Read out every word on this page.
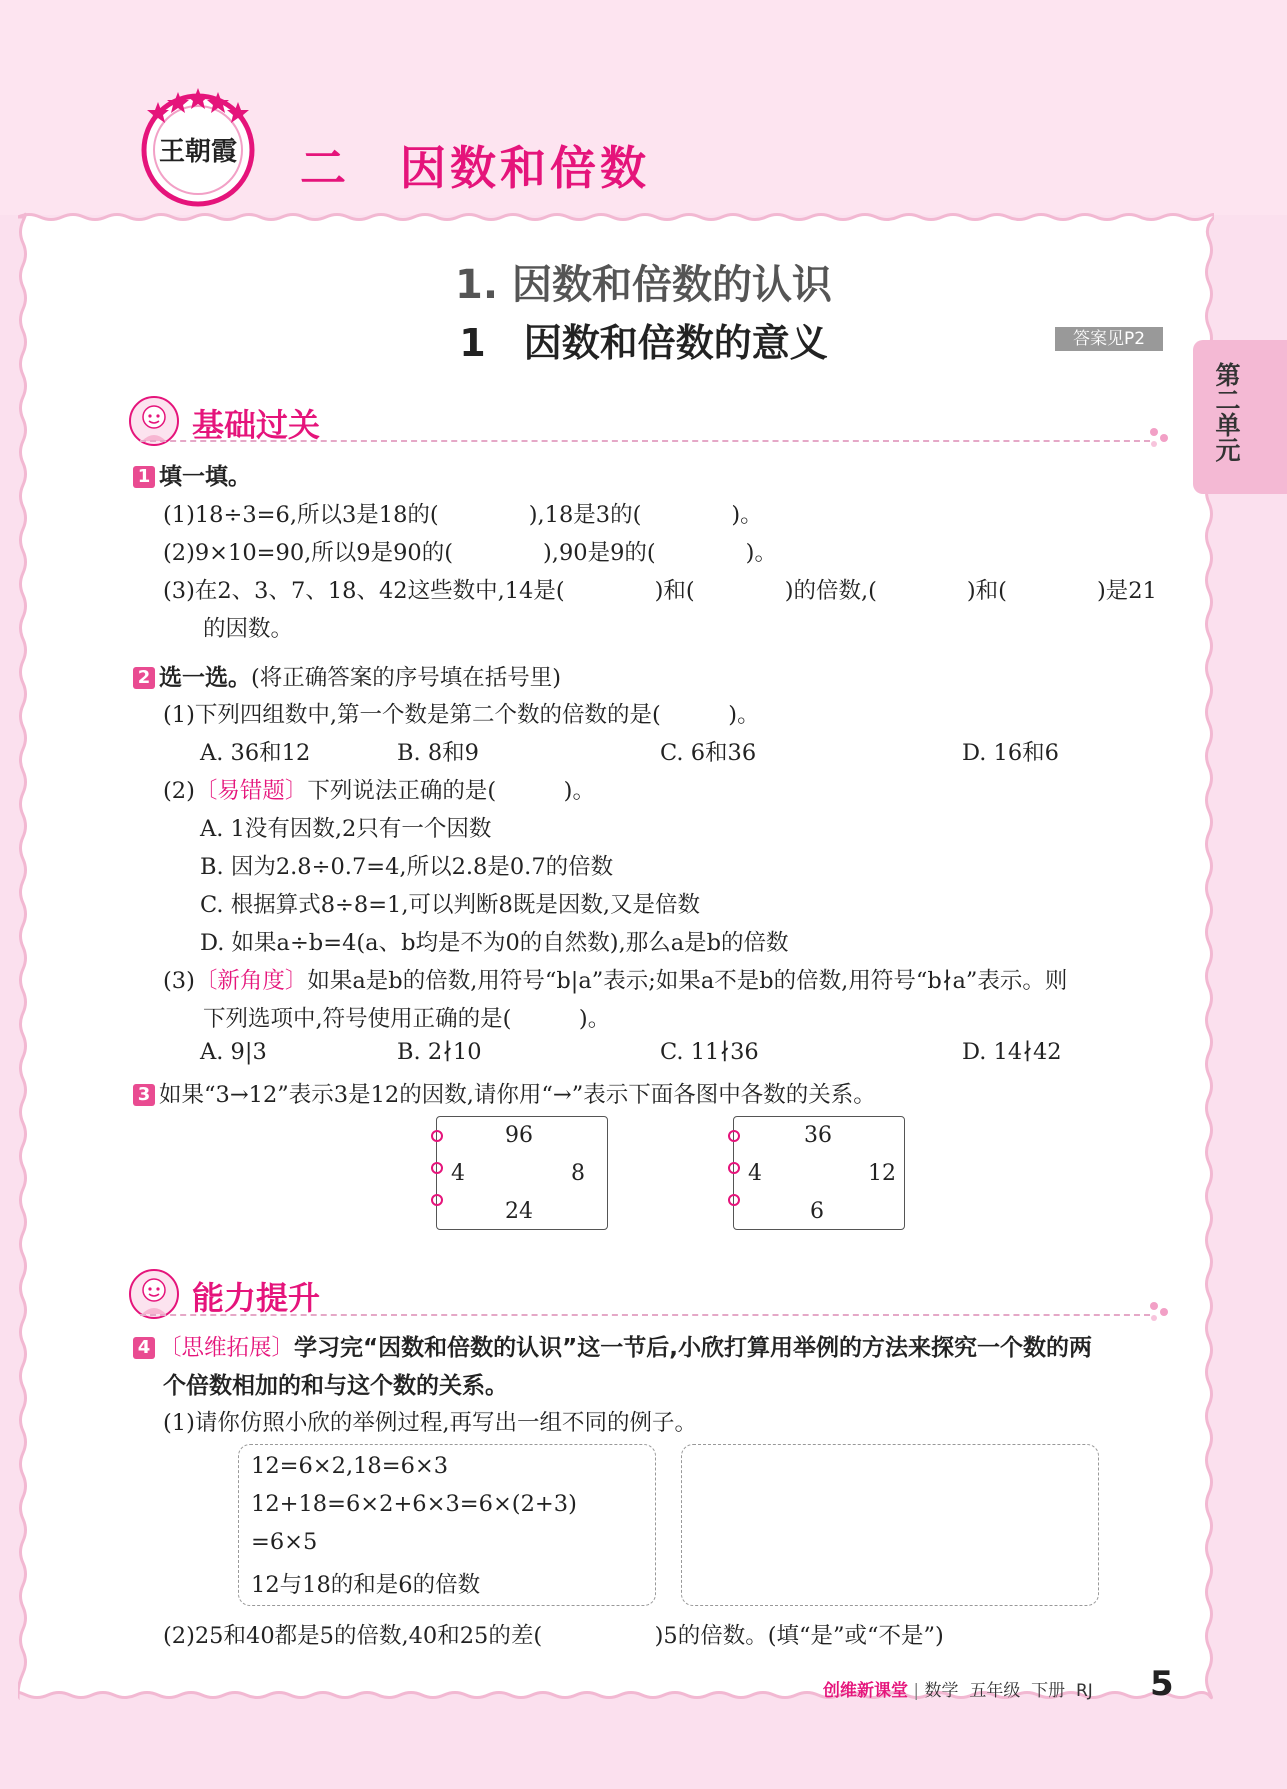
王朝霞 二　因数和倍数
1. 因数和倍数的认识
1　因数和倍数的意义	答案见P2
第二单元
基础过关
1 填一填。
(1)18÷3=6,所以3是18的(　　　　),18是3的(　　　　)。
(2)9×10=90,所以9是90的(　　　　),90是9的(　　　　)。
(3)在2、3、7、18、42这些数中,14是(　　　　)和(　　　　)的倍数,(　　　　)和(　　　　)是21
的因数。
2 选一选。(将正确答案的序号填在括号里)
(1)下列四组数中,第一个数是第二个数的倍数的是(　　　)。
A. 36和12	B. 8和9	C. 6和36	D. 16和6
(2)〔易错题〕下列说法正确的是(　　　)。
A. 1没有因数,2只有一个因数
B. 因为2.8÷0.7=4,所以2.8是0.7的倍数
C. 根据算式8÷8=1,可以判断8既是因数,又是倍数
D. 如果a÷b=4(a、b均是不为0的自然数),那么a是b的倍数
(3)〔新角度〕如果a是b的倍数,用符号“b|a”表示;如果a不是b的倍数,用符号“b∤a”表示。则
下列选项中,符号使用正确的是(　　　)。
A. 9|3	B. 2∤10	C. 11∤36	D. 14∤42
3 如果“3→12”表示3是12的因数,请你用“→”表示下面各图中各数的关系。
96
4	8
24
36
4	12
6
能力提升
4 〔思维拓展〕学习完“因数和倍数的认识”这一节后,小欣打算用举例的方法来探究一个数的两
个倍数相加的和与这个数的关系。
(1)请你仿照小欣的举例过程,再写出一组不同的例子。
12=6×2,18=6×3
12+18=6×2+6×3=6×(2+3)
=6×5
12与18的和是6的倍数
(2)25和40都是5的倍数,40和25的差(　　　　　)5的倍数。(填“是”或“不是”)
创维新课堂 | 数学 五年级 下册 RJ 5
